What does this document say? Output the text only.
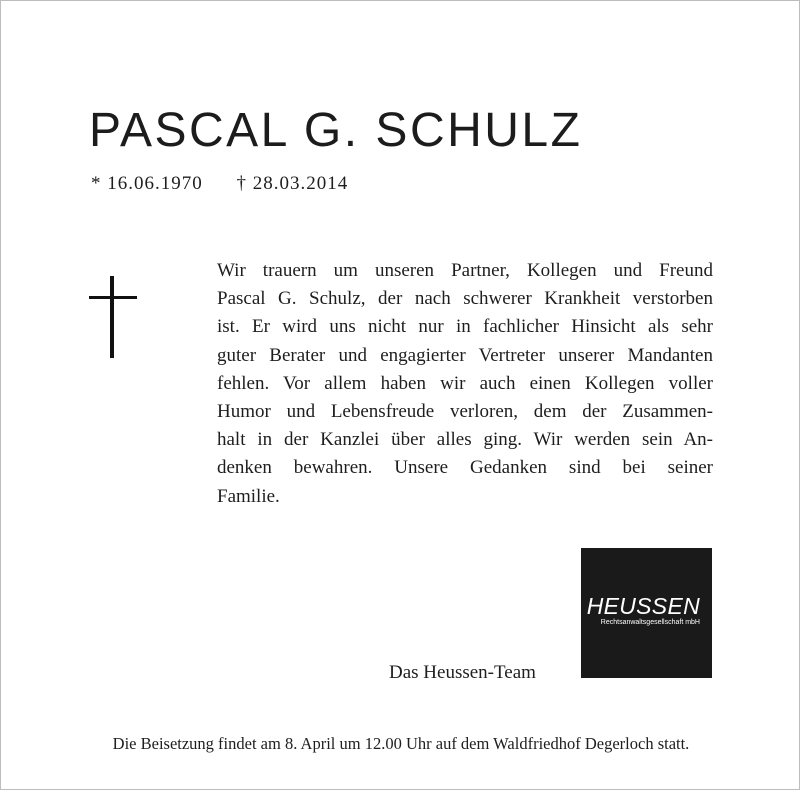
PASCAL G. SCHULZ
* 16.06.1970 † 28.03.2014

Wir trauern um unseren Partner, Kollegen und Freund
Pascal G. Schulz, der nach schwerer Krankheit verstorben
ist. Er wird uns nicht nur in fachlicher Hinsicht als sehr
guter Berater und engagierter Vertreter unserer Mandanten
fehlen. Vor allem haben wir auch einen Kollegen voller
Humor und Lebensfreude verloren, dem der Zusammen-
halt in der Kanzlei über alles ging. Wir werden sein An-
denken bewahren. Unsere Gedanken sind bei seiner
Familie.

Das Heussen-Team
HEUSSEN
Rechtsanwaltsgesellschaft mbH
Die Beisetzung findet am 8. April um 12.00 Uhr auf dem Waldfriedhof Degerloch statt.
